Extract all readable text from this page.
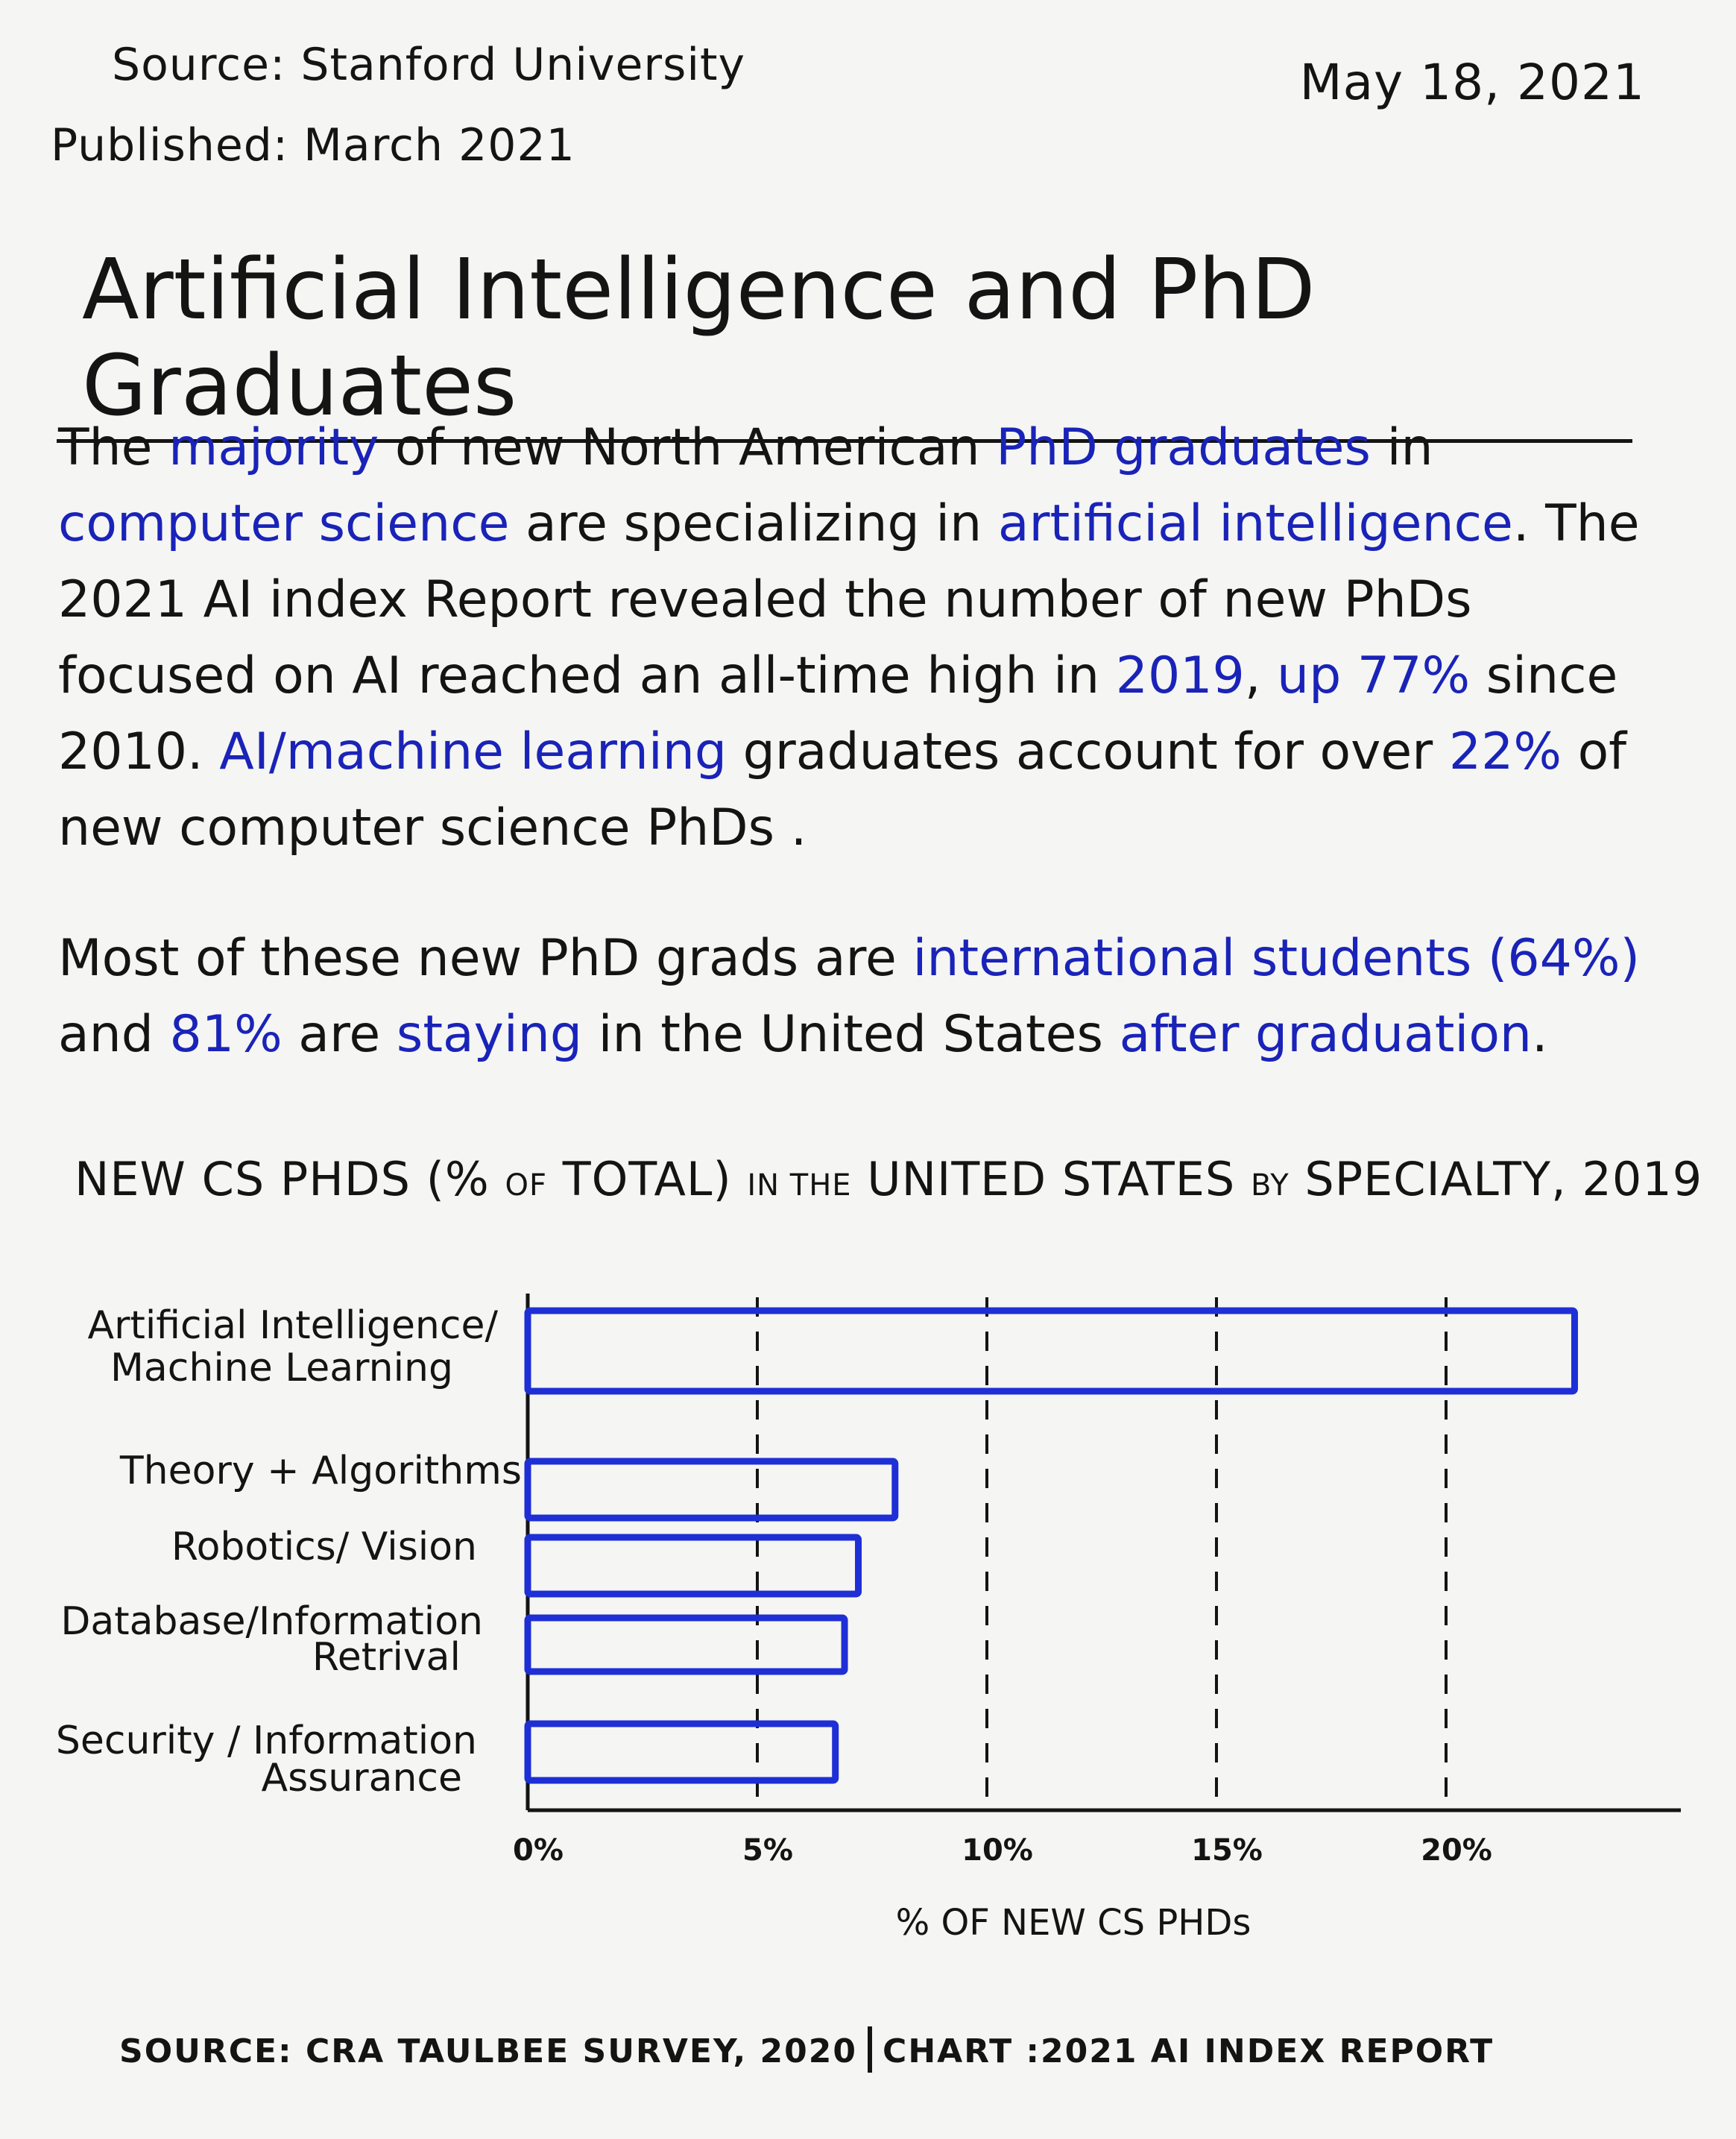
Source: Stanford University
Published: March 2021
May 18, 2021
Artificial Intelligence and PhD Graduates
The majority of new North American PhD graduates in computer science are specializing in artificial intelligence. The 2021 AI index Report revealed the number of new PhDs focused on AI reached an all-time high in 2019, up 77% since 2010. AI/machine learning graduates account for over 22% of new computer science PhDs .
Most of these new PhD grads are international students (64%) and 81% are staying in the United States after graduation.
NEW CS PHDS (% OF TOTAL) IN THE UNITED STATES BY SPECIALTY, 2019
Artificial Intelligence/
Machine Learning
Theory + Algorithms
Robotics/ Vision
Database/Information
Retrival
Security / Information
Assurance
0%	5%	10%	15%	20%
% OF NEW CS PHDs
SOURCE: CRA TAULBEE SURVEY, 2020 CHART :2021 AI INDEX REPORT
